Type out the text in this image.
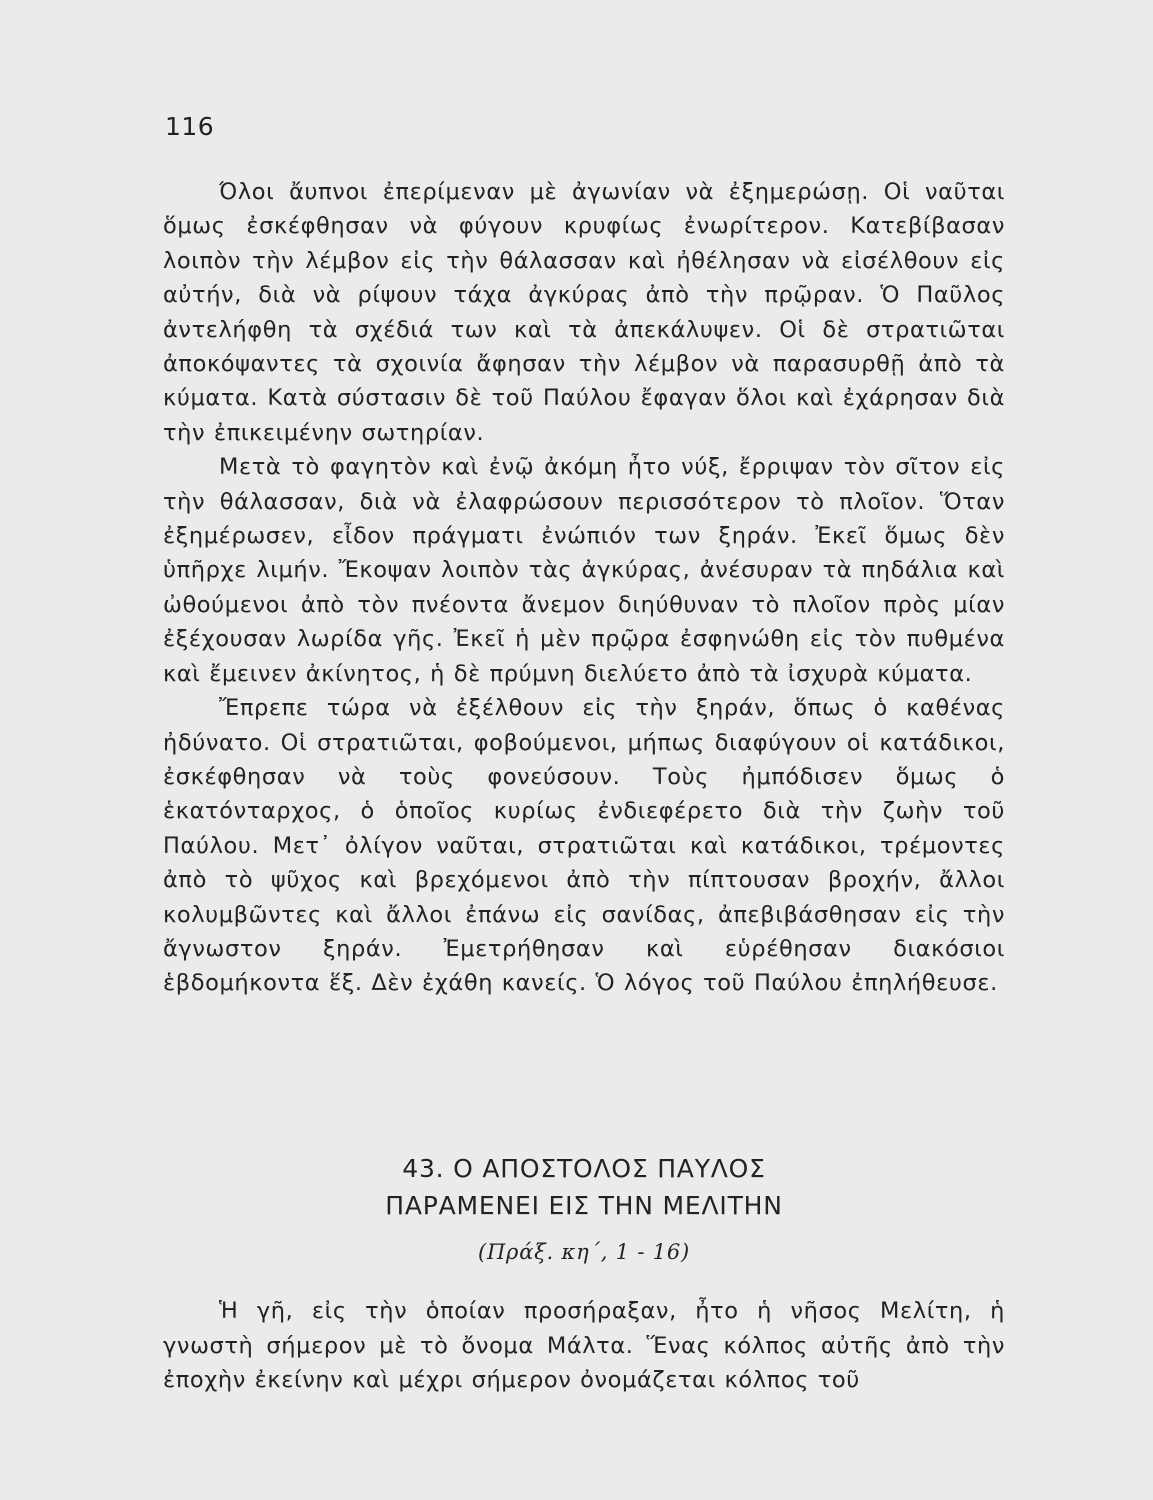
116

Όλοι ἄυπνοι ἐπερίμεναν μὲ ἀγωνίαν νὰ ἐξημερώσῃ. Οἱ ναῦται ὅμως ἐσκέφθησαν νὰ φύγουν κρυφίως ἐνωρίτερον. Κατεβίβασαν λοιπὸν τὴν λέμβον εἰς τὴν θάλασσαν καὶ ἠθέλησαν νὰ εἰσέλθουν εἰς αὐτήν, διὰ νὰ ρίψουν τάχα ἀγκύρας ἀπὸ τὴν πρῷραν. Ὁ Παῦλος ἀντελήφθη τὰ σχέδιά των καὶ τὰ ἀπεκάλυψεν. Οἱ δὲ στρατιῶται ἀποκόψαντες τὰ σχοινία ἄφησαν τὴν λέμβον νὰ παρασυρθῇ ἀπὸ τὰ κύματα. Κατὰ σύστασιν δὲ τοῦ Παύλου ἔφαγαν ὅλοι καὶ ἐχάρησαν διὰ τὴν ἐπικειμένην σωτηρίαν.

Μετὰ τὸ φαγητὸν καὶ ἐνῷ ἀκόμη ἦτο νύξ, ἔρριψαν τὸν σῖτον εἰς τὴν θάλασσαν, διὰ νὰ ἐλαφρώσουν περισσότερον τὸ πλοῖον. Ὅταν ἐξημέρωσεν, εἶδον πράγματι ἐνώπιόν των ξηράν. Ἐκεῖ ὅμως δὲν ὑπῆρχε λιμήν. Ἔκοψαν λοιπὸν τὰς ἀγκύρας, ἀνέσυραν τὰ πηδάλια καὶ ὠθούμενοι ἀπὸ τὸν πνέοντα ἄνεμον διηύθυναν τὸ πλοῖον πρὸς μίαν ἐξέχουσαν λωρίδα γῆς. Ἐκεῖ ἡ μὲν πρῷρα ἐσφηνώθη εἰς τὸν πυθμένα καὶ ἔμεινεν ἀκίνητος, ἡ δὲ πρύμνη διελύετο ἀπὸ τὰ ἰσχυρὰ κύματα.

Ἔπρεπε τώρα νὰ ἐξέλθουν εἰς τὴν ξηράν, ὅπως ὁ καθένας ἠδύνατο. Οἱ στρατιῶται, φοβούμενοι, μήπως διαφύγουν οἱ κατάδικοι, ἐσκέφθησαν νὰ τοὺς φονεύσουν. Τοὺς ἠμπόδισεν ὅμως ὁ ἑκατόνταρχος, ὁ ὁποῖος κυρίως ἐνδιεφέρετο διὰ τὴν ζωὴν τοῦ Παύλου. Μετ᾽ ὀλίγον ναῦται, στρατιῶται καὶ κατάδικοι, τρέμοντες ἀπὸ τὸ ψῦχος καὶ βρεχόμενοι ἀπὸ τὴν πίπτουσαν βροχήν, ἄλλοι κολυμβῶντες καὶ ἄλλοι ἐπάνω εἰς σανίδας, ἀπεβιβάσθησαν εἰς τὴν ἄγνωστον ξηράν. Ἐμετρήθησαν καὶ εὑρέθησαν διακόσιοι ἑβδομήκοντα ἕξ. Δὲν ἐχάθη κανείς. Ὁ λόγος τοῦ Παύλου ἐπηλήθευσε.

43. Ο ΑΠΟΣΤΟΛΟΣ ΠΑΥΛΟΣ
ΠΑΡΑΜΕΝΕΙ ΕΙΣ ΤΗΝ ΜΕΛΙΤΗΝ
(Πράξ. κη΄, 1 - 16)

Ἡ γῆ, εἰς τὴν ὁποίαν προσήραξαν, ἦτο ἡ νῆσος Μελίτη, ἡ γνωστὴ σήμερον μὲ τὸ ὄνομα Μάλτα. Ἕνας κόλπος αὐτῆς ἀπὸ τὴν ἐποχὴν ἐκείνην καὶ μέχρι σήμερον ὀνομάζεται κόλπος τοῦ
